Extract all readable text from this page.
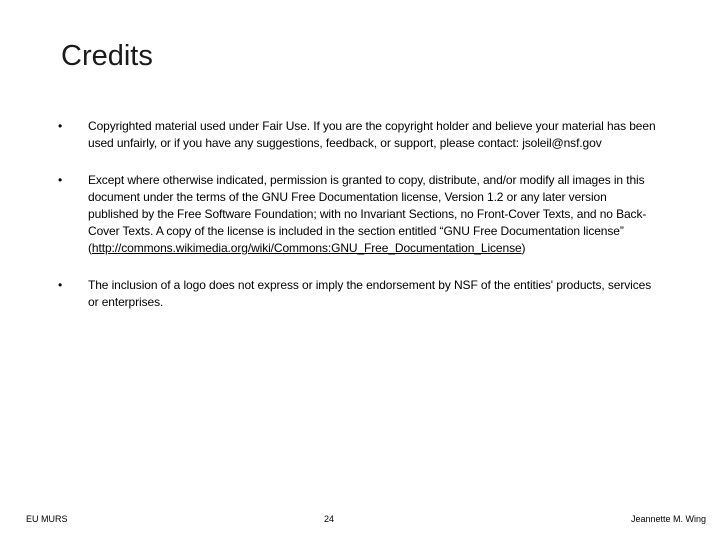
Credits
• Copyrighted material used under Fair Use. If you are the copyright holder and believe your material has been used unfairly, or if you have any suggestions, feedback, or support, please contact: jsoleil@nsf.gov
• Except where otherwise indicated, permission is granted to copy, distribute, and/or modify all images in this document under the terms of the GNU Free Documentation license, Version 1.2 or any later version published by the Free Software Foundation; with no Invariant Sections, no Front-Cover Texts, and no Back-Cover Texts. A copy of the license is included in the section entitled “GNU Free Documentation license” (http://commons.wikimedia.org/wiki/Commons:GNU_Free_Documentation_License)
• The inclusion of a logo does not express or imply the endorsement by NSF of the entities' products, services or enterprises.
EU MURS	24	Jeannette M. Wing
